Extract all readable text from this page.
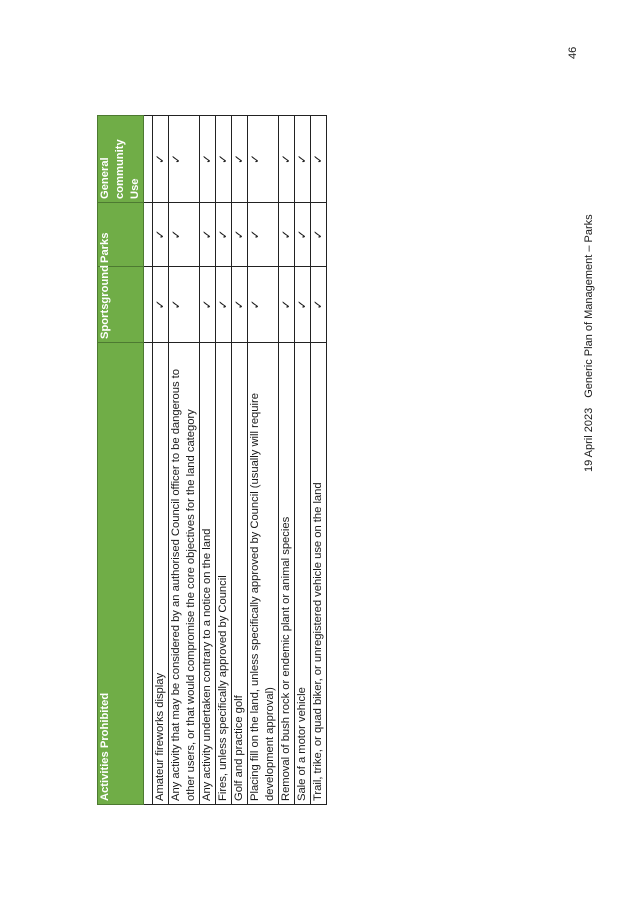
Activities Prohibited	Sportsground	Parks	General community Use

Amateur fireworks display	✓	✓	✓
Any activity that may be considered by an authorised Council officer to be dangerous to other users, or that would compromise the core objectives for the land category	✓	✓	✓
Any activity undertaken contrary to a notice on the land	✓	✓	✓
Fires, unless specifically approved by Council	✓	✓	✓
Golf and practice golf	✓	✓	✓
Placing fill on the land, unless specifically approved by Council (usually will require development approval)	✓	✓	✓
Removal of bush rock or endemic plant or animal species	✓	✓	✓
Sale of a motor vehicle	✓	✓	✓
Trail, trike, or quad biker, or unregistered vehicle use on the land	✓	✓	✓
19 April 2023Generic Plan of Management – Parks
46
